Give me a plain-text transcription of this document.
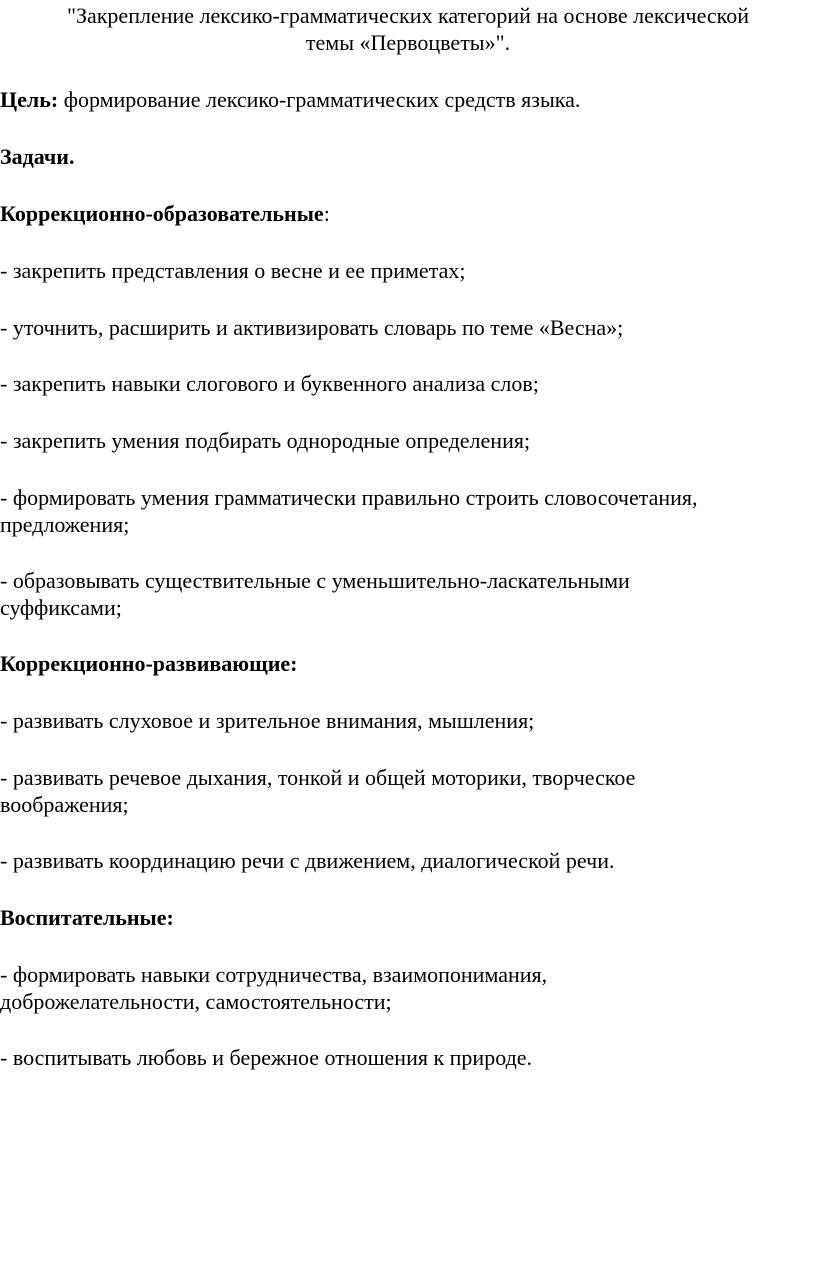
"Закрепление лексико-грамматических категорий на основе лексической
темы «Первоцветы»".
Цель: формирование лексико-грамматических средств языка.
Задачи.
Коррекционно-образовательные:
- закрепить представления о весне и ее приметах;
- уточнить, расширить и активизировать словарь по теме «Весна»;
- закрепить навыки слогового и буквенного анализа слов;
- закрепить умения подбирать однородные определения;
- формировать умения грамматически правильно строить словосочетания,
предложения;
- образовывать существительные с уменьшительно-ласкательными
суффиксами;
Коррекционно-развивающие:
- развивать слуховое и зрительное внимания, мышления;
- развивать речевое дыхания, тонкой и общей моторики, творческое
воображения;
- развивать координацию речи с движением, диалогической речи.
Воспитательные:
- формировать навыки сотрудничества, взаимопонимания,
доброжелательности, самостоятельности;
- воспитывать любовь и бережное отношения к природе.
